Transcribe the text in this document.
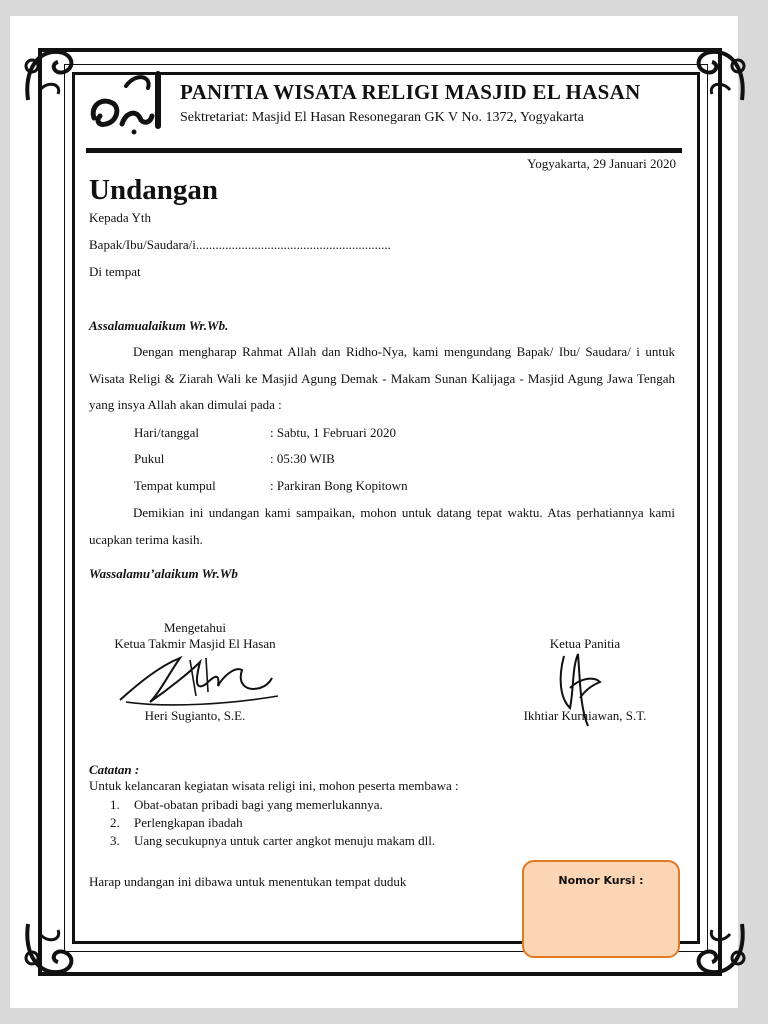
PANITIA WISATA RELIGI MASJID EL HASAN
Sektretariat: Masjid El Hasan Resonegaran GK V No. 1372, Yogyakarta
Yogyakarta, 29 Januari 2020
Undangan
Kepada Yth
Bapak/Ibu/Saudara/i............................................................
Di tempat
Assalamualaikum Wr.Wb.
Dengan mengharap Rahmat Allah dan Ridho-Nya, kami mengundang Bapak/ Ibu/ Saudara/ i untuk Wisata Religi & Ziarah Wali ke Masjid Agung Demak - Makam Sunan Kalijaga - Masjid Agung Jawa Tengah yang insya Allah akan dimulai pada :
Hari/tanggal	: Sabtu, 1 Februari 2020
Pukul	: 05:30 WIB
Tempat kumpul	: Parkiran Bong Kopitown
Demikian ini undangan kami sampaikan, mohon untuk datang tepat waktu. Atas perhatiannya kami ucapkan terima kasih.
Wassalamu’alaikum Wr.Wb
Mengetahui
Ketua Takmir Masjid El Hasan
Heri Sugianto, S.E.
Ketua Panitia
Ikhtiar Kurniawan, S.T.
Catatan :
Untuk kelancaran kegiatan wisata religi ini, mohon peserta membawa :
1. Obat-obatan pribadi bagi yang memerlukannya.
2. Perlengkapan ibadah
3. Uang secukupnya untuk carter angkot menuju makam dll.
Harap undangan ini dibawa untuk menentukan tempat duduk	Nomor Kursi :
